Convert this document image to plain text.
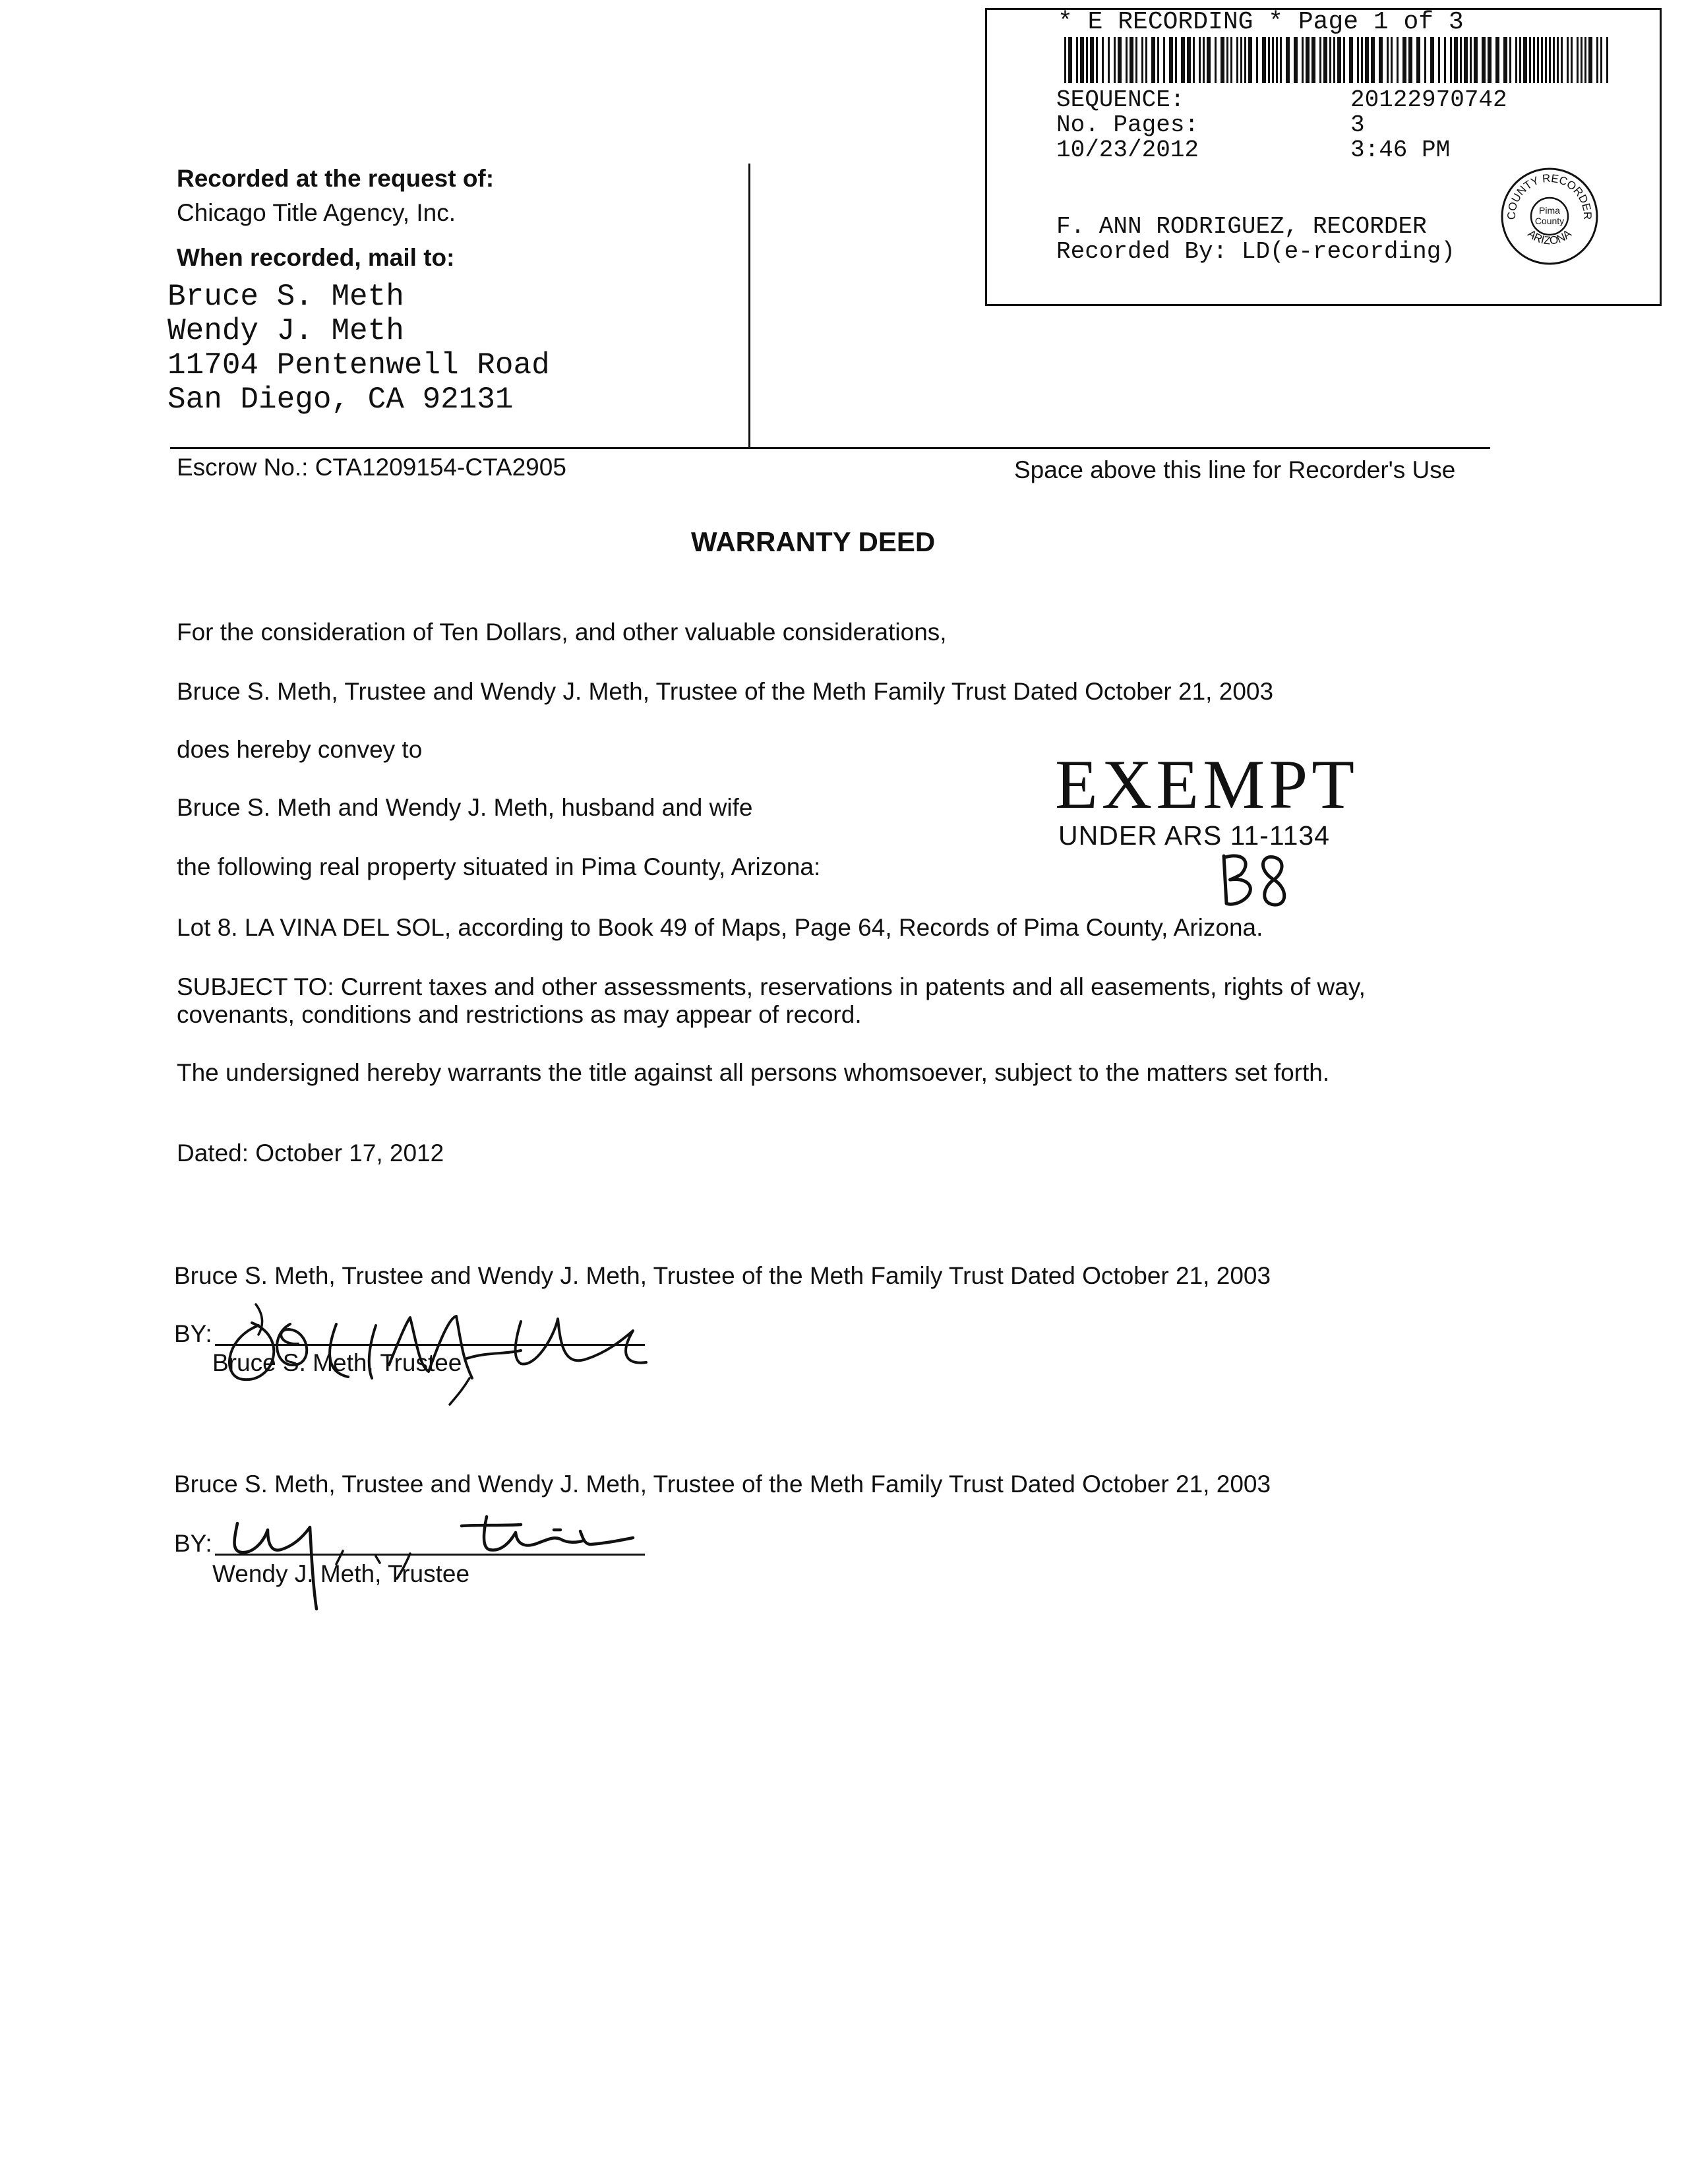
* E RECORDING * Page 1 of 3
SEQUENCE:	20122970742
No. Pages:	3
10/23/2012	3:46 PM
F. ANN RODRIGUEZ, RECORDER
Recorded By: LD(e-recording)
COUNTY RECORDER
ARIZONA
Pima
County
Recorded at the request of:
Chicago Title Agency, Inc.
When recorded, mail to:
Bruce S. Meth
Wendy J. Meth
11704 Pentenwell Road
San Diego, CA 92131
Escrow No.: CTA1209154-CTA2905	Space above this line for Recorder's Use
WARRANTY DEED
For the consideration of Ten Dollars, and other valuable considerations,
Bruce S. Meth, Trustee and Wendy J. Meth, Trustee of the Meth Family Trust Dated October 21, 2003
does hereby convey to
Bruce S. Meth and Wendy J. Meth, husband and wife
the following real property situated in Pima County, Arizona:
Lot 8. LA VINA DEL SOL, according to Book 49 of Maps, Page 64, Records of Pima County, Arizona.
SUBJECT TO: Current taxes and other assessments, reservations in patents and all easements, rights of way,
covenants, conditions and restrictions as may appear of record.
The undersigned hereby warrants the title against all persons whomsoever, subject to the matters set forth.
Dated: October 17, 2012
EXEMPT
UNDER ARS 11-1134
Bruce S. Meth, Trustee and Wendy J. Meth, Trustee of the Meth Family Trust Dated October 21, 2003
BY:
Bruce S. Meth, Trustee
Bruce S. Meth, Trustee and Wendy J. Meth, Trustee of the Meth Family Trust Dated October 21, 2003
BY:
Wendy J. Meth, Trustee
